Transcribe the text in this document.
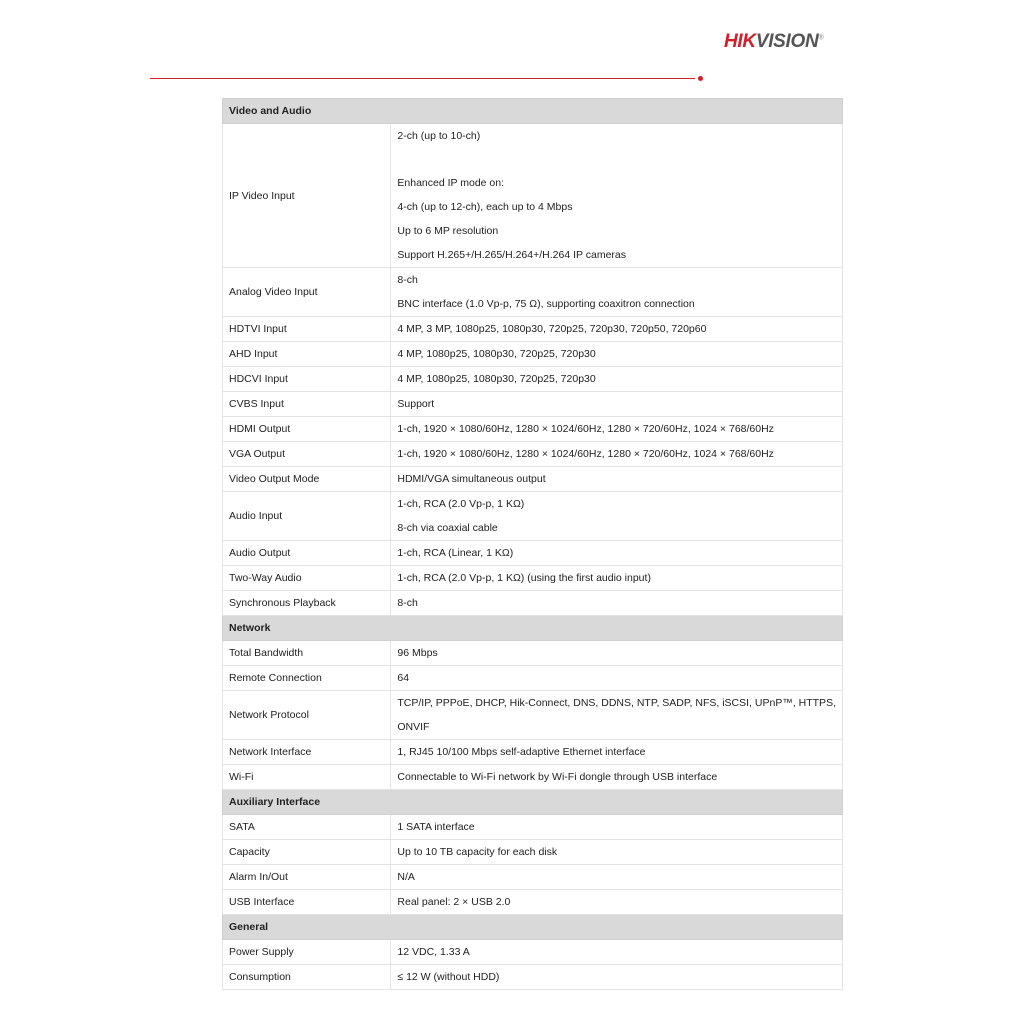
HIKVISION®
Video and Audio	
IP Video Input	2-ch (up to 10-ch)
Enhanced IP mode on:
4-ch (up to 12-ch), each up to 4 Mbps
Up to 6 MP resolution
Support H.265+/H.265/H.264+/H.264 IP cameras

Analog Video Input	8-ch
BNC interface (1.0 Vp-p, 75 Ω), supporting coaxitron connection

HDTVI Input	4 MP, 3 MP, 1080p25, 1080p30, 720p25, 720p30, 720p50, 720p60

AHD Input	4 MP, 1080p25, 1080p30, 720p25, 720p30

HDCVI Input	4 MP, 1080p25, 1080p30, 720p25, 720p30

CVBS Input	Support

HDMI Output	1-ch, 1920 × 1080/60Hz, 1280 × 1024/60Hz, 1280 × 720/60Hz, 1024 × 768/60Hz

VGA Output	1-ch, 1920 × 1080/60Hz, 1280 × 1024/60Hz, 1280 × 720/60Hz, 1024 × 768/60Hz

Video Output Mode	HDMI/VGA simultaneous output

Audio Input	1-ch, RCA (2.0 Vp-p, 1 KΩ)
8-ch via coaxial cable

Audio Output	1-ch, RCA (Linear, 1 KΩ)

Two-Way Audio	1-ch, RCA (2.0 Vp-p, 1 KΩ) (using the first audio input)

Synchronous Playback	8-ch

Network	
Total Bandwidth	96 Mbps

Remote Connection	64

Network Protocol	TCP/IP, PPPoE, DHCP, Hik-Connect, DNS, DDNS, NTP, SADP, NFS, iSCSI, UPnP™, HTTPS,
ONVIF

Network Interface	1, RJ45 10/100 Mbps self-adaptive Ethernet interface

Wi-Fi	Connectable to Wi-Fi network by Wi-Fi dongle through USB interface

Auxiliary Interface	
SATA	1 SATA interface

Capacity	Up to 10 TB capacity for each disk

Alarm In/Out	N/A

USB Interface	Real panel: 2 × USB 2.0

General	
Power Supply	12 VDC, 1.33 A

Consumption	≤ 12 W (without HDD)
